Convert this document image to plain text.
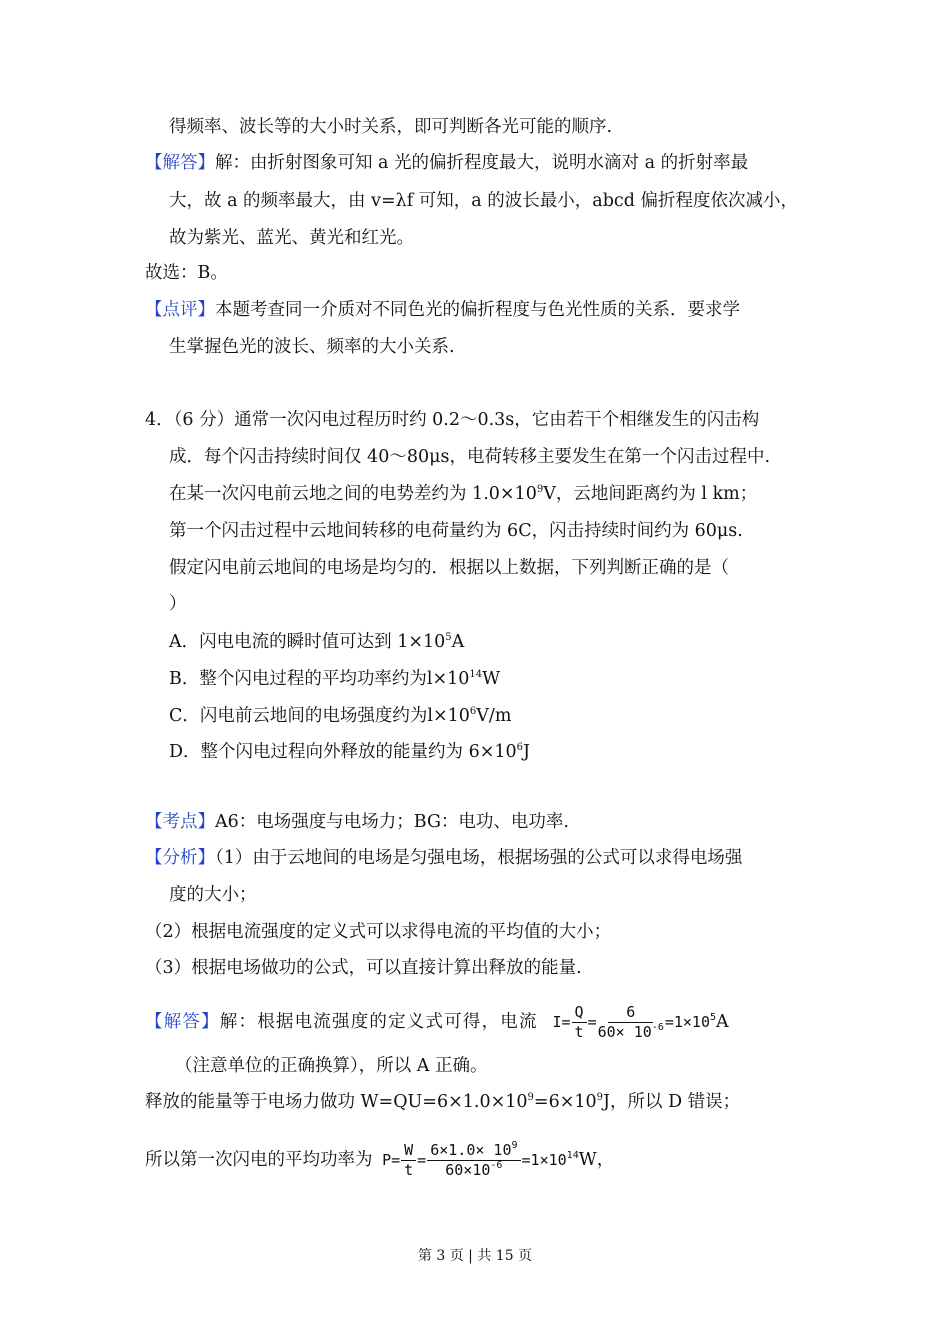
得频率、波长等的大小时关系，即可判断各光可能的顺序.
【解答】解：由折射图象可知 a 光的偏折程度最大，说明水滴对 a 的折射率最
大，故 a 的频率最大，由 v=λf 可知，a 的波长最小，abcd 偏折程度依次减小，
故为紫光、蓝光、黄光和红光。
故选：B。
【点评】本题考查同一介质对不同色光的偏折程度与色光性质的关系．要求学
生掌握色光的波长、频率的大小关系.
4．（6 分）通常一次闪电过程历时约 0.2～0.3s，它由若干个相继发生的闪击构
成．每个闪击持续时间仅 40～80μs，电荷转移主要发生在第一个闪击过程中.
在某一次闪电前云地之间的电势差约为 $1.0\times 10^9V$，云地间距离约为 l km；
第一个闪击过程中云地间转移的电荷量约为 6C，闪击持续时间约为 60μs.
假定闪电前云地间的电场是均匀的．根据以上数据，下列判断正确的是（
）
A．闪电电流的瞬时值可达到 $1\times 10^5A$
B．整个闪电过程的平均功率约为$l\times 10^{14}W$
C．闪电前云地间的电场强度约为$l\times 10^6V/m$
D．整个闪电过程向外释放的能量约为 $6\times 10^6J$
【考点】A6：电场强度与电场力；BG：电功、电功率.
【分析】（1）由于云地间的电场是匀强电场，根据场强的公式可以求得电场强
度的大小；
（2）根据电流强度的定义式可以求得电流的平均值的大小；
（3）根据电场做功的公式，可以直接计算出释放的能量.
【解答】解：根据电流强度的定义式可得，电流 $I= \frac{Q}{t} = \frac{6}{60\times 10^{-6}} =1\times 10^5A$
（注意单位的正确换算），所以 A 正确。
释放的能量等于电场力做功 $W=QU=6\times 1.0\times 10^9=6\times 10^9J$，所以 D 错误；
所以第一次闪电的平均功率为 $P= \frac{W}{t} = \frac{6\times 1.0\times 10^9}{60\times 10^{-6}} =1\times 10^{14}W$，
第 3 页 | 共 15 页
